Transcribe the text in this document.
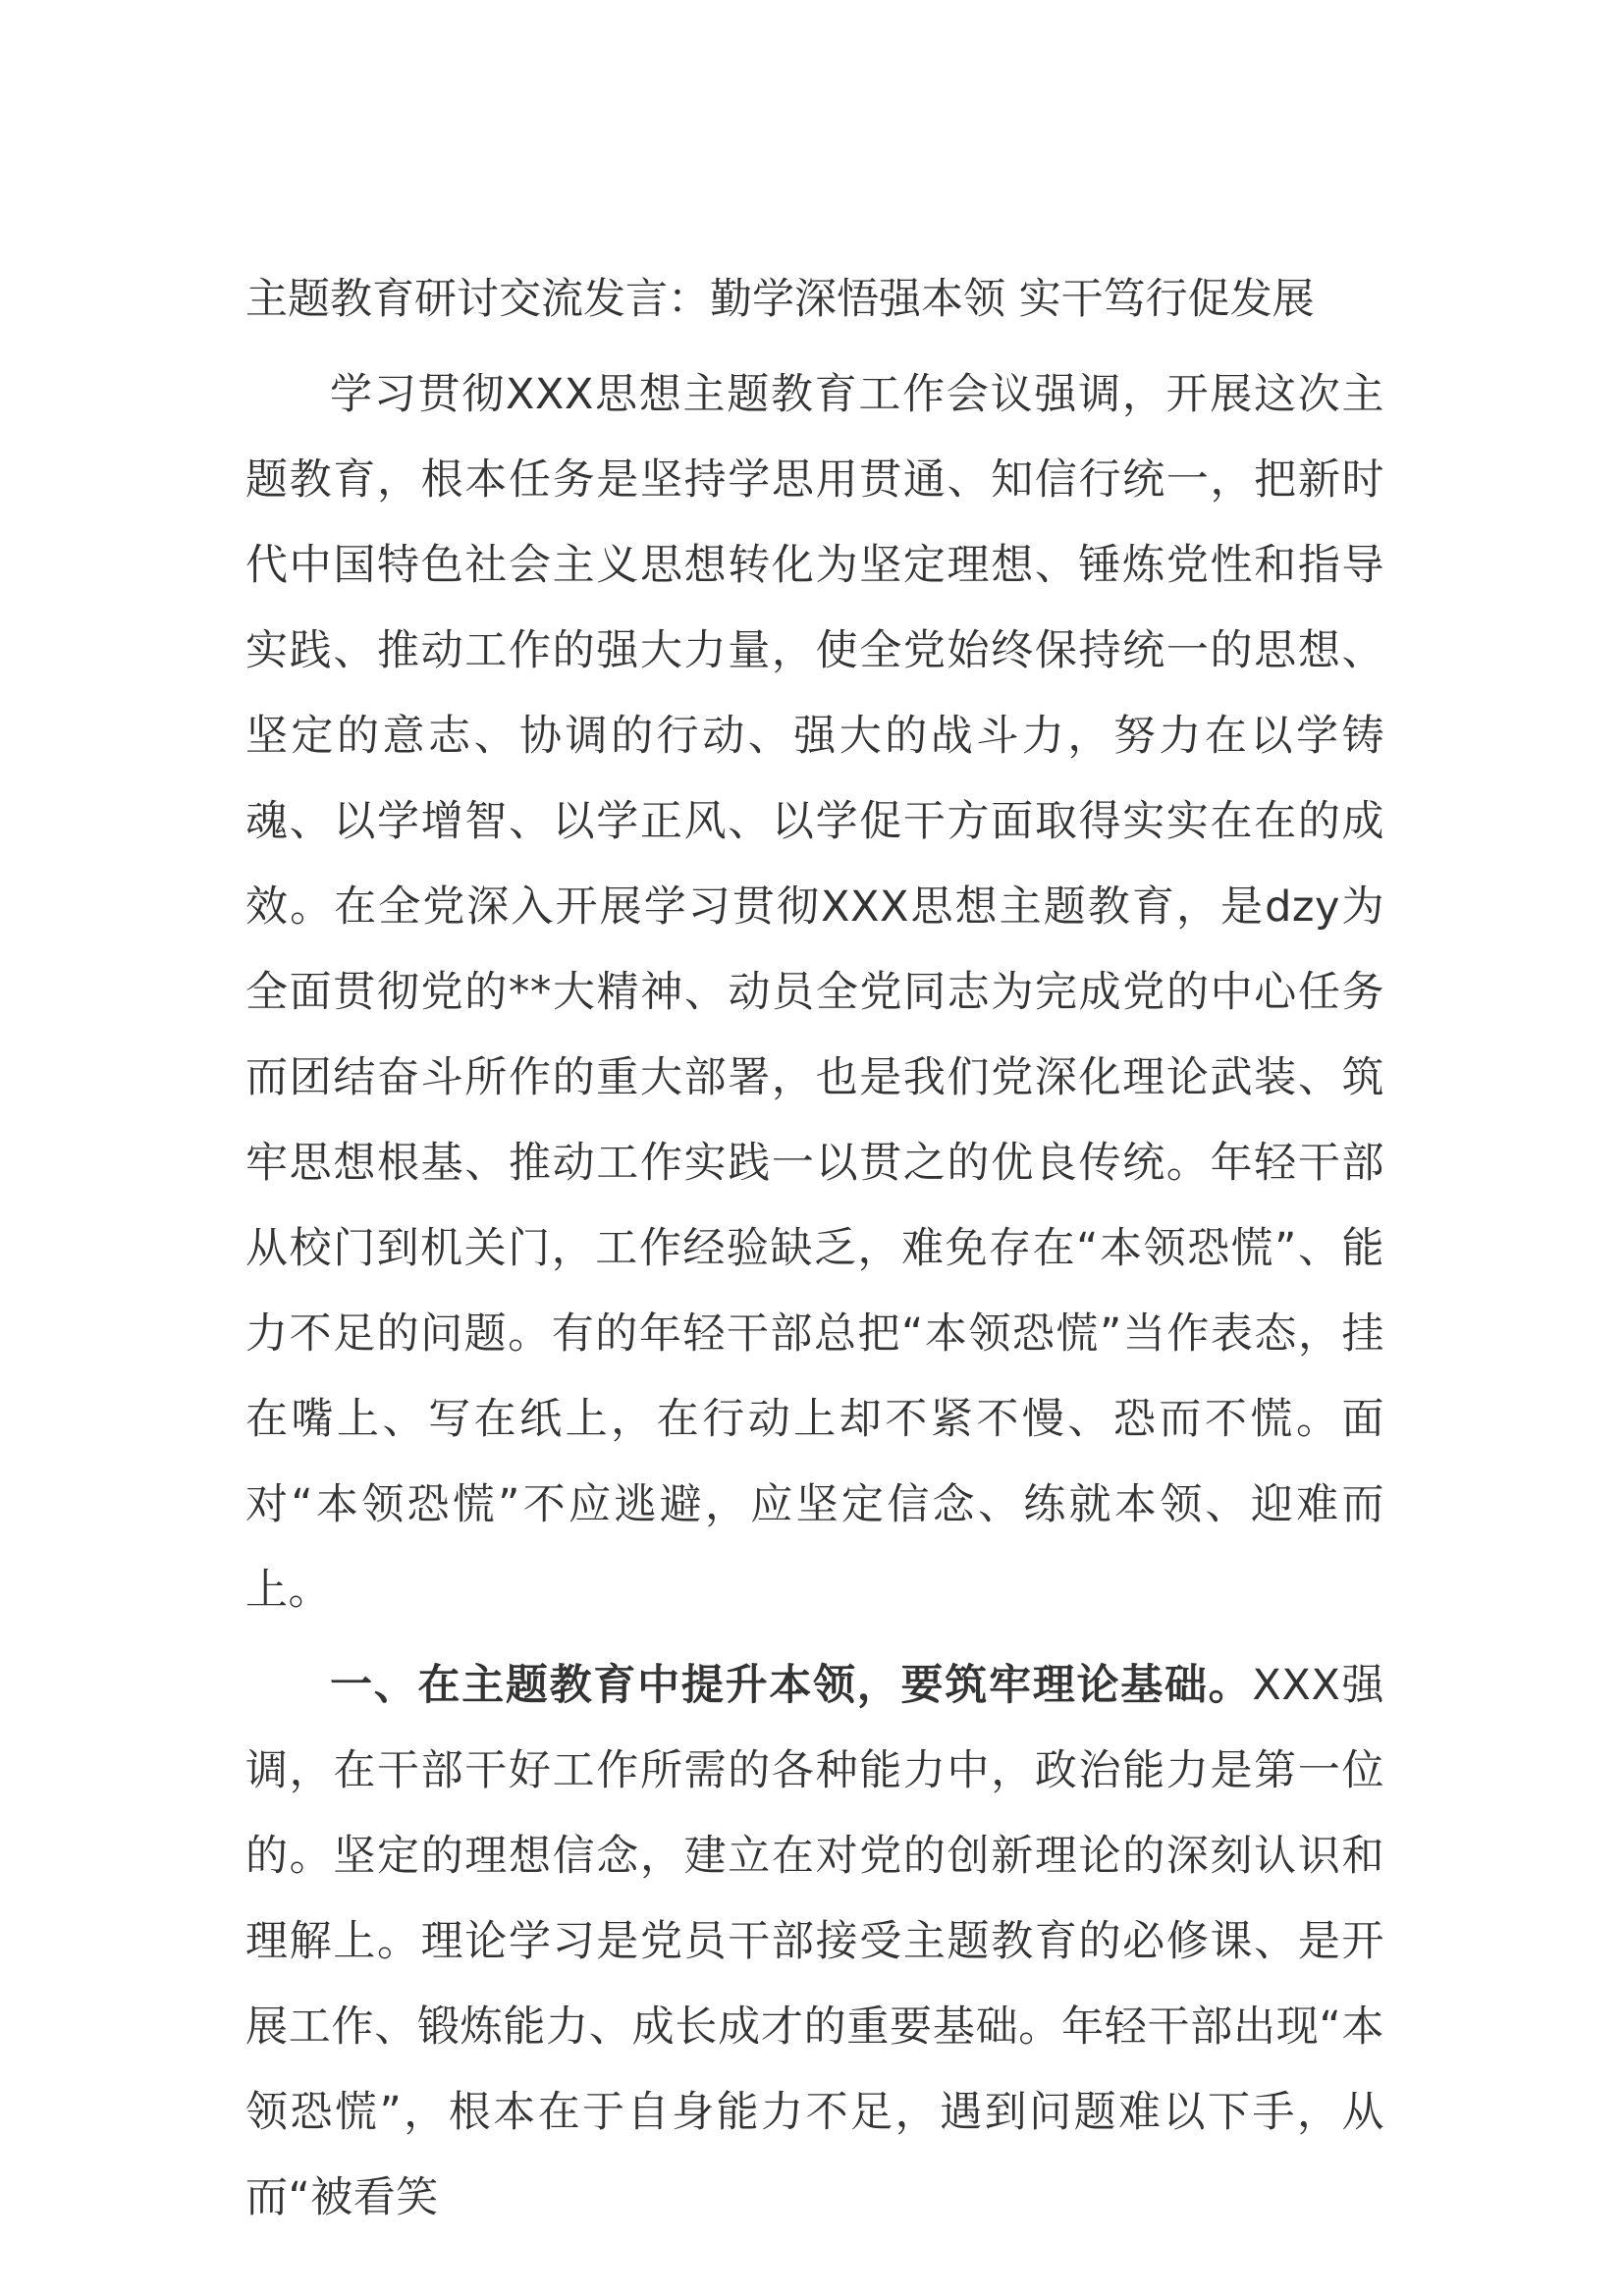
主题教育研讨交流发言：勤学深悟强本领 实干笃行促发展

学习贯彻XXX思想主题教育工作会议强调，开展这次主题教育，根本任务是坚持学思用贯通、知信行统一，把新时代中国特色社会主义思想转化为坚定理想、锤炼党性和指导实践、推动工作的强大力量，使全党始终保持统一的思想、坚定的意志、协调的行动、强大的战斗力，努力在以学铸魂、以学增智、以学正风、以学促干方面取得实实在在的成效。在全党深入开展学习贯彻XXX思想主题教育，是dzy为全面贯彻党的**大精神、动员全党同志为完成党的中心任务而团结奋斗所作的重大部署，也是我们党深化理论武装、筑牢思想根基、推动工作实践一以贯之的优良传统。年轻干部从校门到机关门，工作经验缺乏，难免存在“本领恐慌”、能力不足的问题。有的年轻干部总把“本领恐慌”当作表态，挂在嘴上、写在纸上，在行动上却不紧不慢、恐而不慌。面对“本领恐慌”不应逃避，应坚定信念、练就本领、迎难而上。

一、在主题教育中提升本领，要筑牢理论基础。XXX强调，在干部干好工作所需的各种能力中，政治能力是第一位的。坚定的理想信念，建立在对党的创新理论的深刻认识和理解上。理论学习是党员干部接受主题教育的必修课、是开展工作、锻炼能力、成长成才的重要基础。年轻干部出现“本领恐慌”，根本在于自身能力不足，遇到问题难以下手，从而“被看笑
